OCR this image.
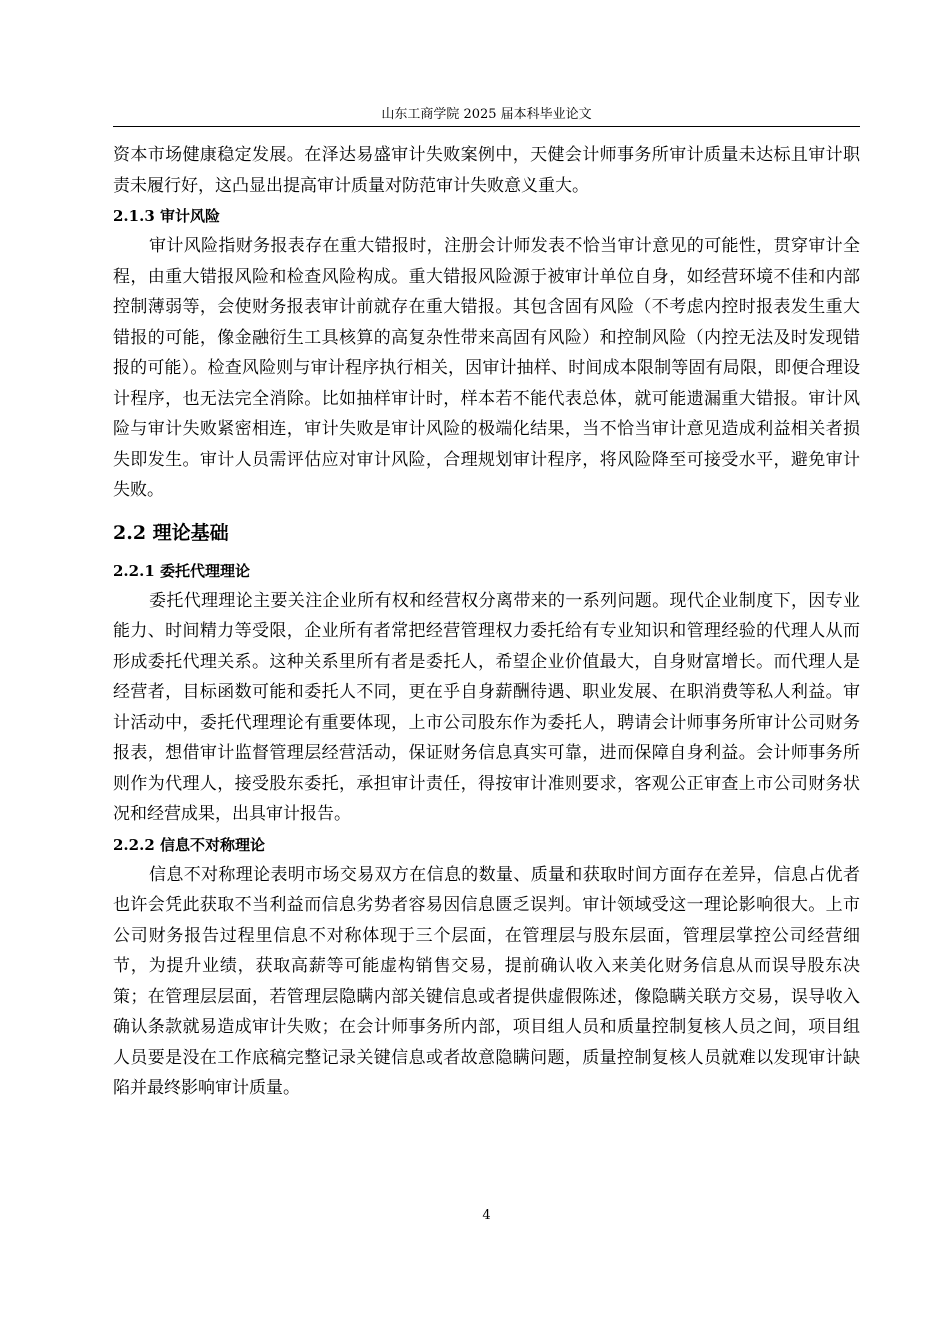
山东工商学院 2025 届本科毕业论文

资本市场健康稳定发展。在泽达易盛审计失败案例中，天健会计师事务所审计质量未达标且审计职责未履行好，这凸显出提高审计质量对防范审计失败意义重大。

2.1.3 审计风险

审计风险指财务报表存在重大错报时，注册会计师发表不恰当审计意见的可能性，贯穿审计全程，由重大错报风险和检查风险构成。重大错报风险源于被审计单位自身，如经营环境不佳和内部控制薄弱等，会使财务报表审计前就存在重大错报。其包含固有风险（不考虑内控时报表发生重大错报的可能，像金融衍生工具核算的高复杂性带来高固有风险）和控制风险（内控无法及时发现错报的可能）。检查风险则与审计程序执行相关，因审计抽样、时间成本限制等固有局限，即便合理设计程序，也无法完全消除。比如抽样审计时，样本若不能代表总体，就可能遗漏重大错报。审计风险与审计失败紧密相连，审计失败是审计风险的极端化结果，当不恰当审计意见造成利益相关者损失即发生。审计人员需评估应对审计风险，合理规划审计程序，将风险降至可接受水平，避免审计失败。

2.2 理论基础
2.2.1 委托代理理论

委托代理理论主要关注企业所有权和经营权分离带来的一系列问题。现代企业制度下，因专业能力、时间精力等受限，企业所有者常把经营管理权力委托给有专业知识和管理经验的代理人从而形成委托代理关系。这种关系里所有者是委托人，希望企业价值最大，自身财富增长。而代理人是经营者，目标函数可能和委托人不同，更在乎自身薪酬待遇、职业发展、在职消费等私人利益。审计活动中，委托代理理论有重要体现，上市公司股东作为委托人，聘请会计师事务所审计公司财务报表，想借审计监督管理层经营活动，保证财务信息真实可靠，进而保障自身利益。会计师事务所则作为代理人，接受股东委托，承担审计责任，得按审计准则要求，客观公正审查上市公司财务状况和经营成果，出具审计报告。

2.2.2 信息不对称理论

信息不对称理论表明市场交易双方在信息的数量、质量和获取时间方面存在差异，信息占优者也许会凭此获取不当利益而信息劣势者容易因信息匮乏误判。审计领域受这一理论影响很大。上市公司财务报告过程里信息不对称体现于三个层面，在管理层与股东层面，管理层掌控公司经营细节，为提升业绩，获取高薪等可能虚构销售交易，提前确认收入来美化财务信息从而误导股东决策；在管理层层面，若管理层隐瞒内部关键信息或者提供虚假陈述，像隐瞒关联方交易，误导收入确认条款就易造成审计失败；在会计师事务所内部，项目组人员和质量控制复核人员之间，项目组人员要是没在工作底稿完整记录关键信息或者故意隐瞒问题，质量控制复核人员就难以发现审计缺陷并最终影响审计质量。

4
